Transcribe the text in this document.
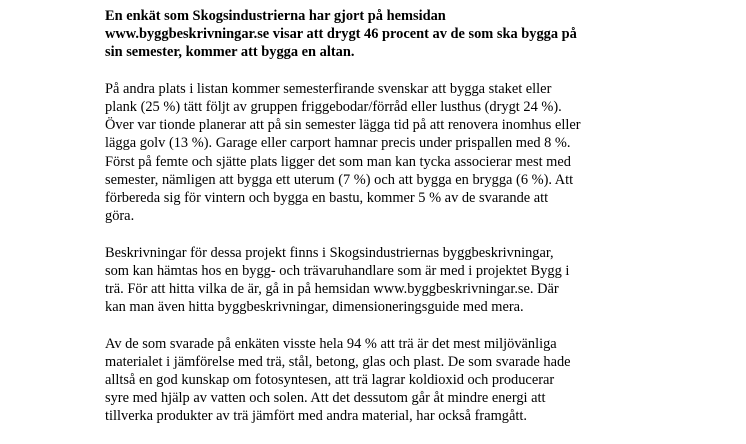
En enkät som Skogsindustrierna har gjort på hemsidan
www.byggbeskrivningar.se visar att drygt 46 procent av de som ska bygga på
sin semester, kommer att bygga en altan.

På andra plats i listan kommer semesterfirande svenskar att bygga staket eller
plank (25 %) tätt följt av gruppen friggebodar/förråd eller lusthus (drygt 24 %).
Över var tionde planerar att på sin semester lägga tid på att renovera inomhus eller
lägga golv (13 %). Garage eller carport hamnar precis under prispallen med 8 %.
Först på femte och sjätte plats ligger det som man kan tycka associerar mest med
semester, nämligen att bygga ett uterum (7 %) och att bygga en brygga (6 %). Att
förbereda sig för vintern och bygga en bastu, kommer 5 % av de svarande att
göra.

Beskrivningar för dessa projekt finns i Skogsindustriernas byggbeskrivningar,
som kan hämtas hos en bygg- och trävaruhandlare som är med i projektet Bygg i
trä. För att hitta vilka de är, gå in på hemsidan www.byggbeskrivningar.se. Där
kan man även hitta byggbeskrivningar, dimensioneringsguide med mera.

Av de som svarade på enkäten visste hela 94 % att trä är det mest miljövänliga
materialet i jämförelse med trä, stål, betong, glas och plast. De som svarade hade
alltså en god kunskap om fotosyntesen, att trä lagrar koldioxid och producerar
syre med hjälp av vatten och solen. Att det dessutom går åt mindre energi att
tillverka produkter av trä jämfört med andra material, har också framgått.
